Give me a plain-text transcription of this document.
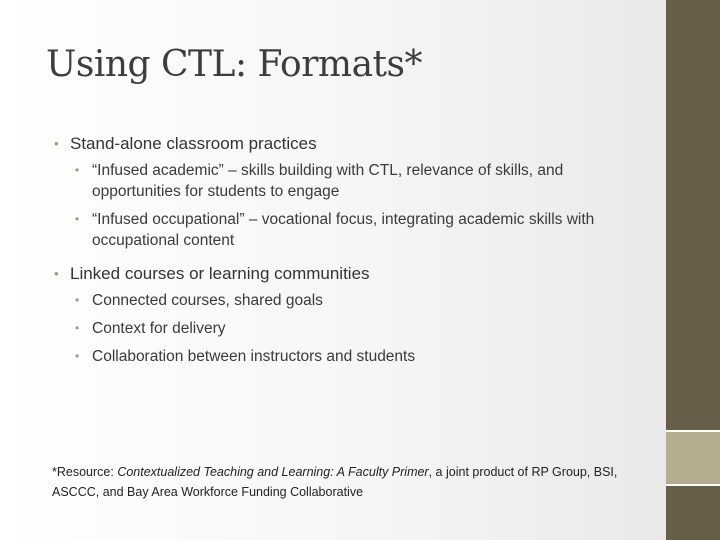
Using CTL: Formats*
• Stand-alone classroom practices
• “Infused academic” – skills building with CTL, relevance of skills, and opportunities for students to engage
• “Infused occupational” – vocational focus, integrating academic skills with occupational content
• Linked courses or learning communities
• Connected courses, shared goals
• Context for delivery
• Collaboration between instructors and students
*Resource: Contextualized Teaching and Learning: A Faculty Primer, a joint product of RP Group, BSI, ASCCC, and Bay Area Workforce Funding Collaborative
